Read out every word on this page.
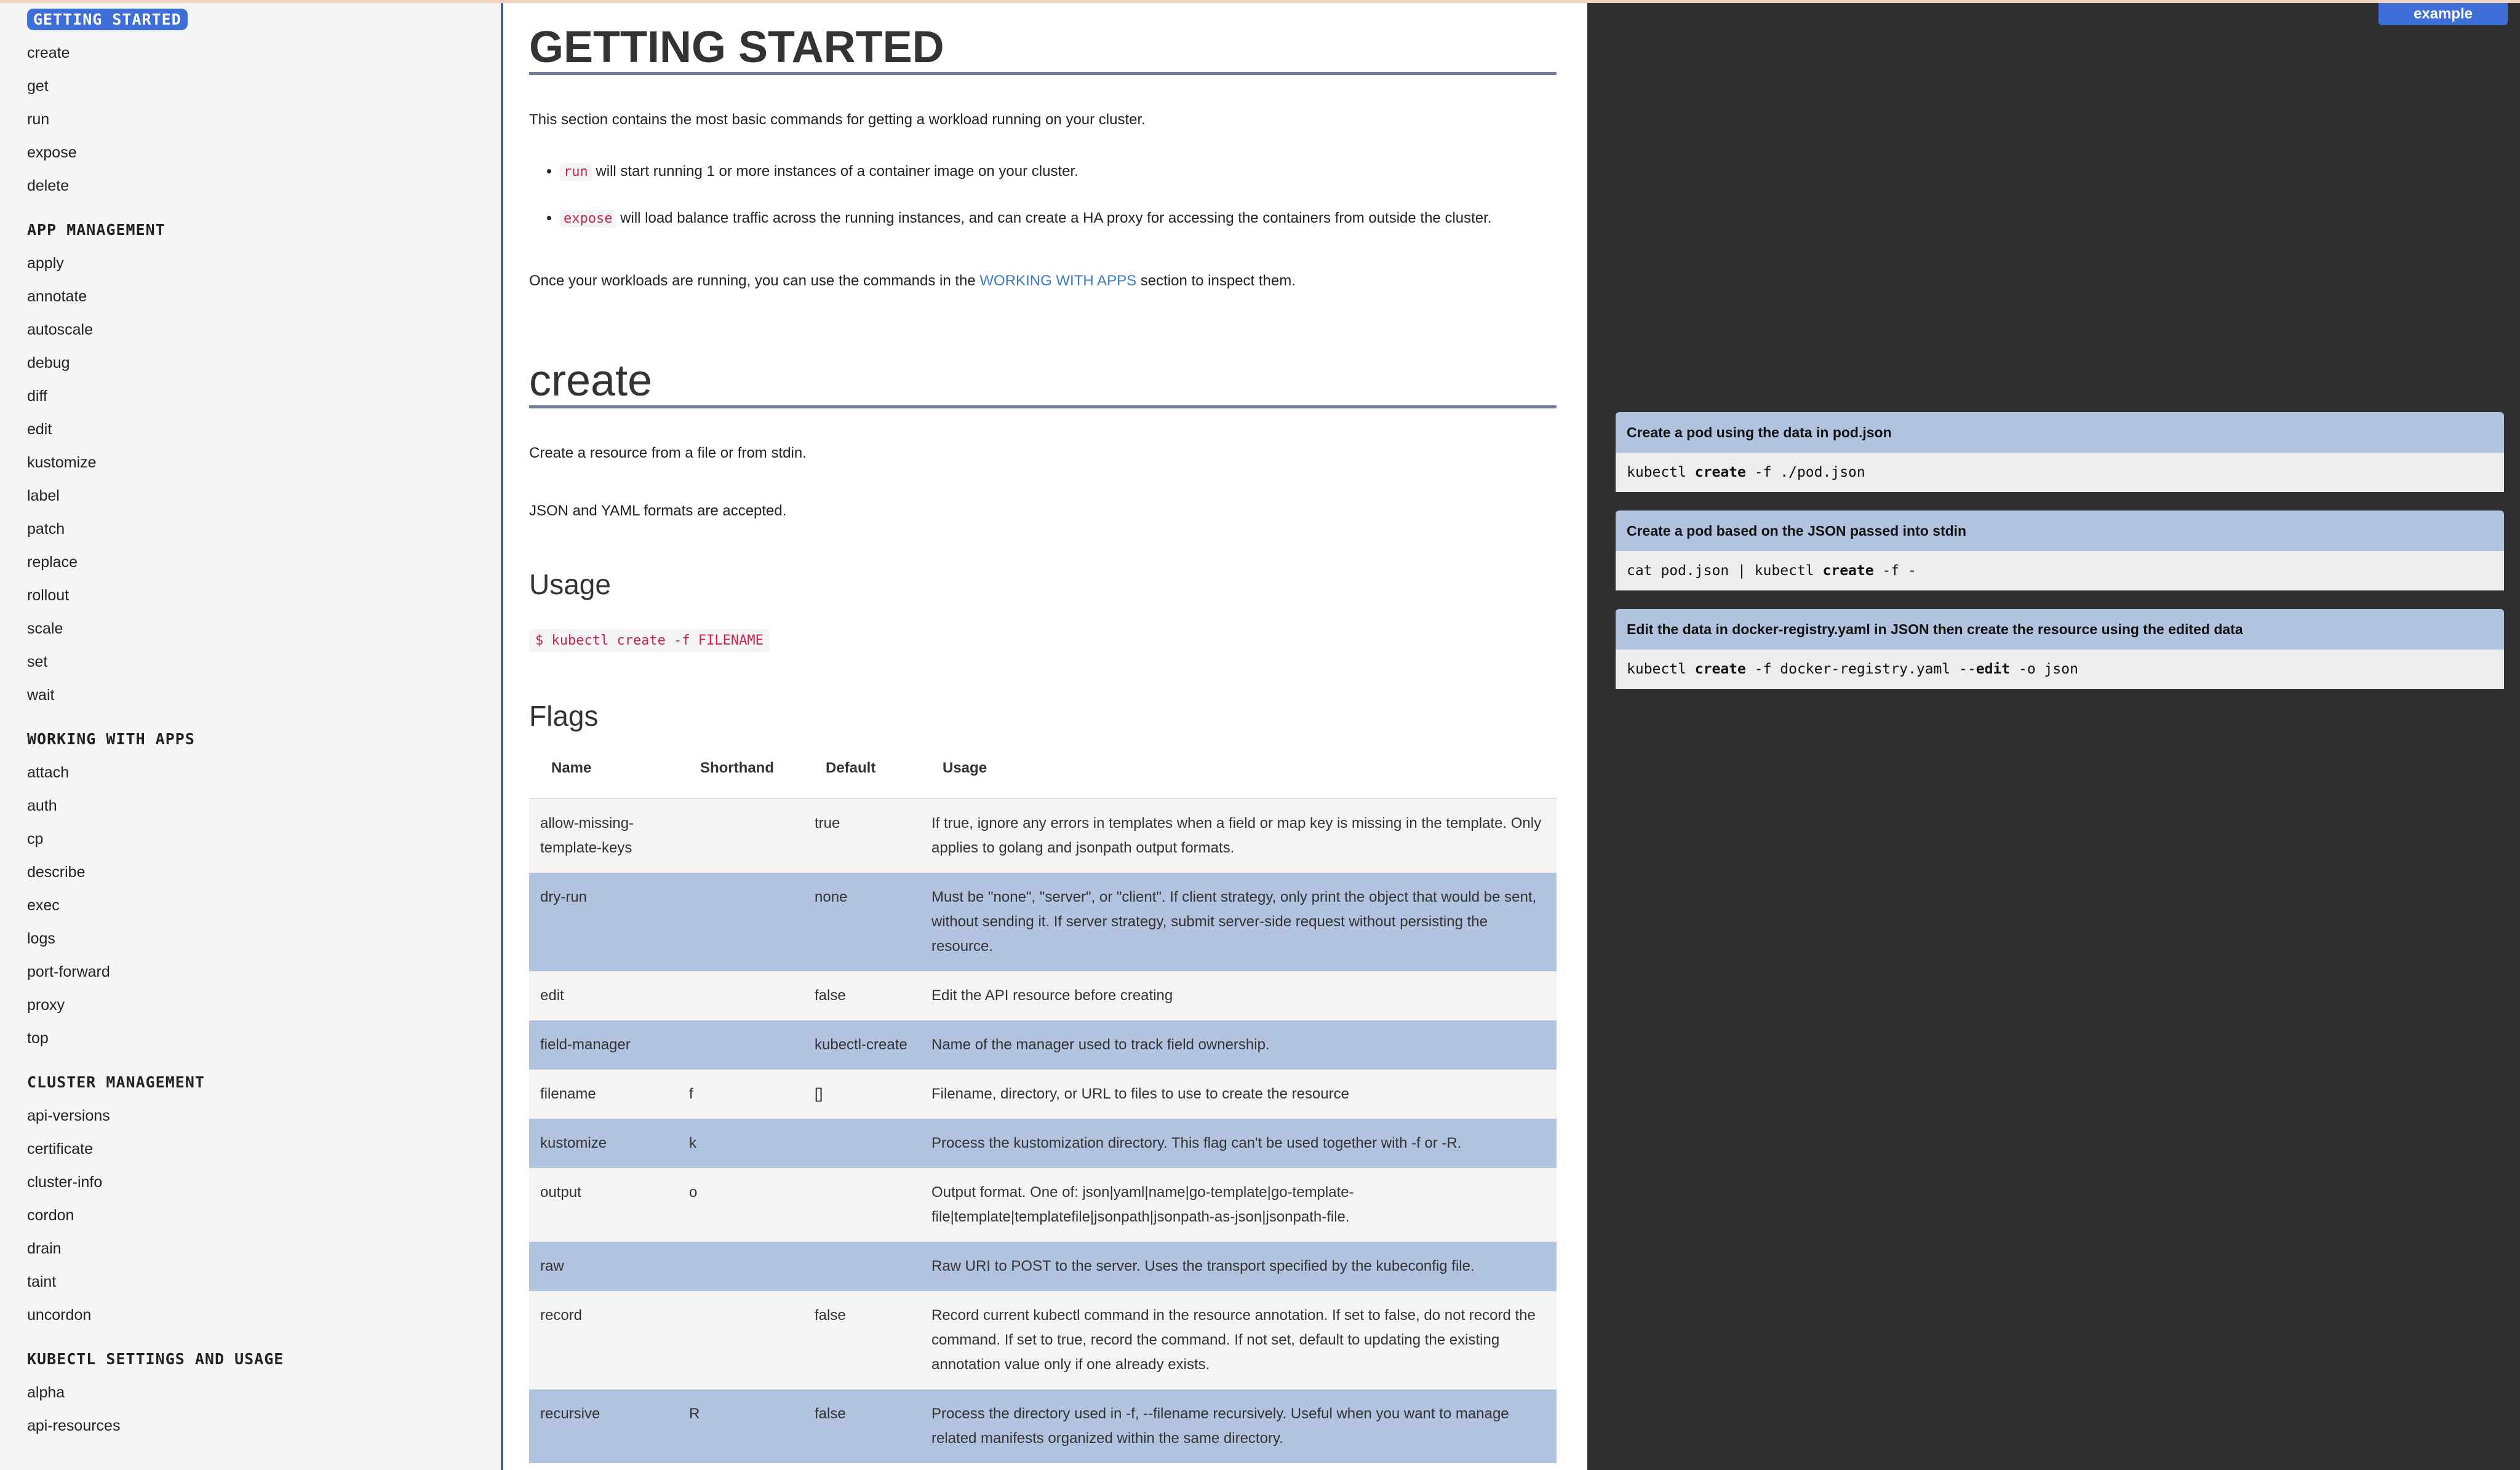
GETTING STARTED
create
get
run
expose
delete
APP MANAGEMENT
apply
annotate
autoscale
debug
diff
edit
kustomize
label
patch
replace
rollout
scale
set
wait
WORKING WITH APPS
attach
auth
cp
describe
exec
logs
port-forward
proxy
top
CLUSTER MANAGEMENT
api-versions
certificate
cluster-info
cordon
drain
taint
uncordon
KUBECTL SETTINGS AND USAGE
alpha
api-resources
example
GETTING STARTED

This section contains the most basic commands for getting a workload running on your cluster.

• run will start running 1 or more instances of a container image on your cluster.
• expose will load balance traffic across the running instances, and can create a HA proxy for accessing the containers from outside the cluster.

Once your workloads are running, you can use the commands in the WORKING WITH APPS section to inspect them.

create

Create a resource from a file or from stdin.

JSON and YAML formats are accepted.

Usage
$ kubectl create -f FILENAME
Flags
Name	Shorthand	Default	Usage
allow-missing-template-keys		true	If true, ignore any errors in templates when a field or map key is missing in the template. Only applies to golang and jsonpath output formats.
dry-run		none	Must be "none", "server", or "client". If client strategy, only print the object that would be sent, without sending it. If server strategy, submit server-side request without persisting the resource.
edit		false	Edit the API resource before creating
field-manager		kubectl-create	Name of the manager used to track field ownership.
filename	f	[]	Filename, directory, or URL to files to use to create the resource
kustomize	k		Process the kustomization directory. This flag can't be used together with -f or -R.
output	o		Output format. One of: json|yaml|name|go-template|go-template-file|template|templatefile|jsonpath|jsonpath-as-json|jsonpath-file.
raw			Raw URI to POST to the server. Uses the transport specified by the kubeconfig file.
record		false	Record current kubectl command in the resource annotation. If set to false, do not record the command. If set to true, record the command. If not set, default to updating the existing annotation value only if one already exists.
recursive	R	false	Process the directory used in -f, --filename recursively. Useful when you want to manage related manifests organized within the same directory.
Create a pod using the data in pod.json
kubectl create -f ./pod.json
Create a pod based on the JSON passed into stdin
cat pod.json | kubectl create -f -
Edit the data in docker-registry.yaml in JSON then create the resource using the edited data
kubectl create -f docker-registry.yaml --edit -o json
